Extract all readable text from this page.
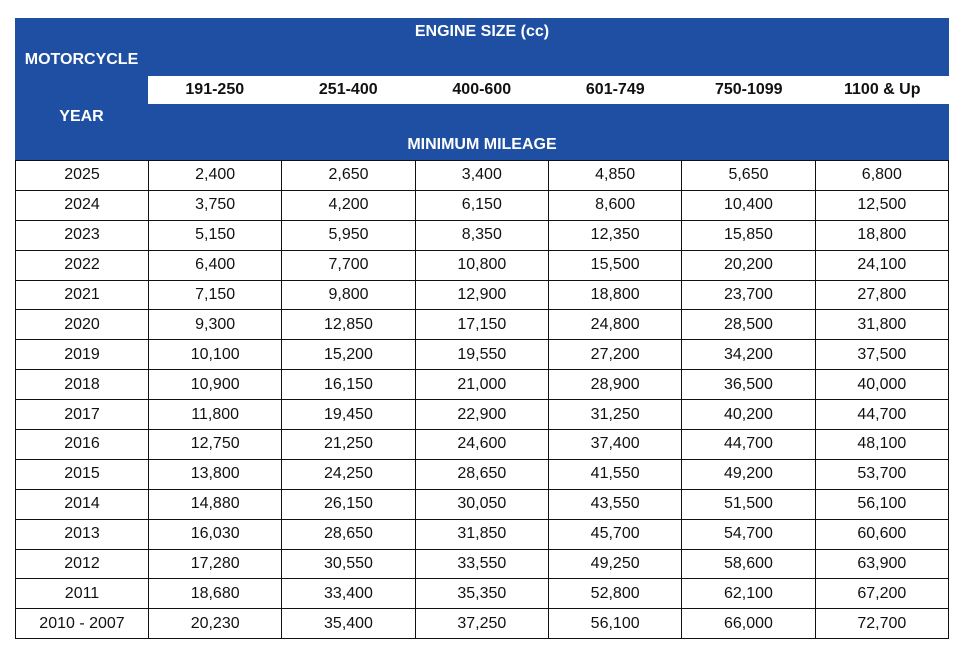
ENGINE SIZE (cc)
MOTORCYCLE
191-250	251-400	400-600	601-749	750-1099	1100 & Up
YEAR
MINIMUM MILEAGE
2025	2,400	2,650	3,400	4,850	5,650	6,800
2024	3,750	4,200	6,150	8,600	10,400	12,500
2023	5,150	5,950	8,350	12,350	15,850	18,800
2022	6,400	7,700	10,800	15,500	20,200	24,100
2021	7,150	9,800	12,900	18,800	23,700	27,800
2020	9,300	12,850	17,150	24,800	28,500	31,800
2019	10,100	15,200	19,550	27,200	34,200	37,500
2018	10,900	16,150	21,000	28,900	36,500	40,000
2017	11,800	19,450	22,900	31,250	40,200	44,700
2016	12,750	21,250	24,600	37,400	44,700	48,100
2015	13,800	24,250	28,650	41,550	49,200	53,700
2014	14,880	26,150	30,050	43,550	51,500	56,100
2013	16,030	28,650	31,850	45,700	54,700	60,600
2012	17,280	30,550	33,550	49,250	58,600	63,900
2011	18,680	33,400	35,350	52,800	62,100	67,200
2010 - 2007	20,230	35,400	37,250	56,100	66,000	72,700
